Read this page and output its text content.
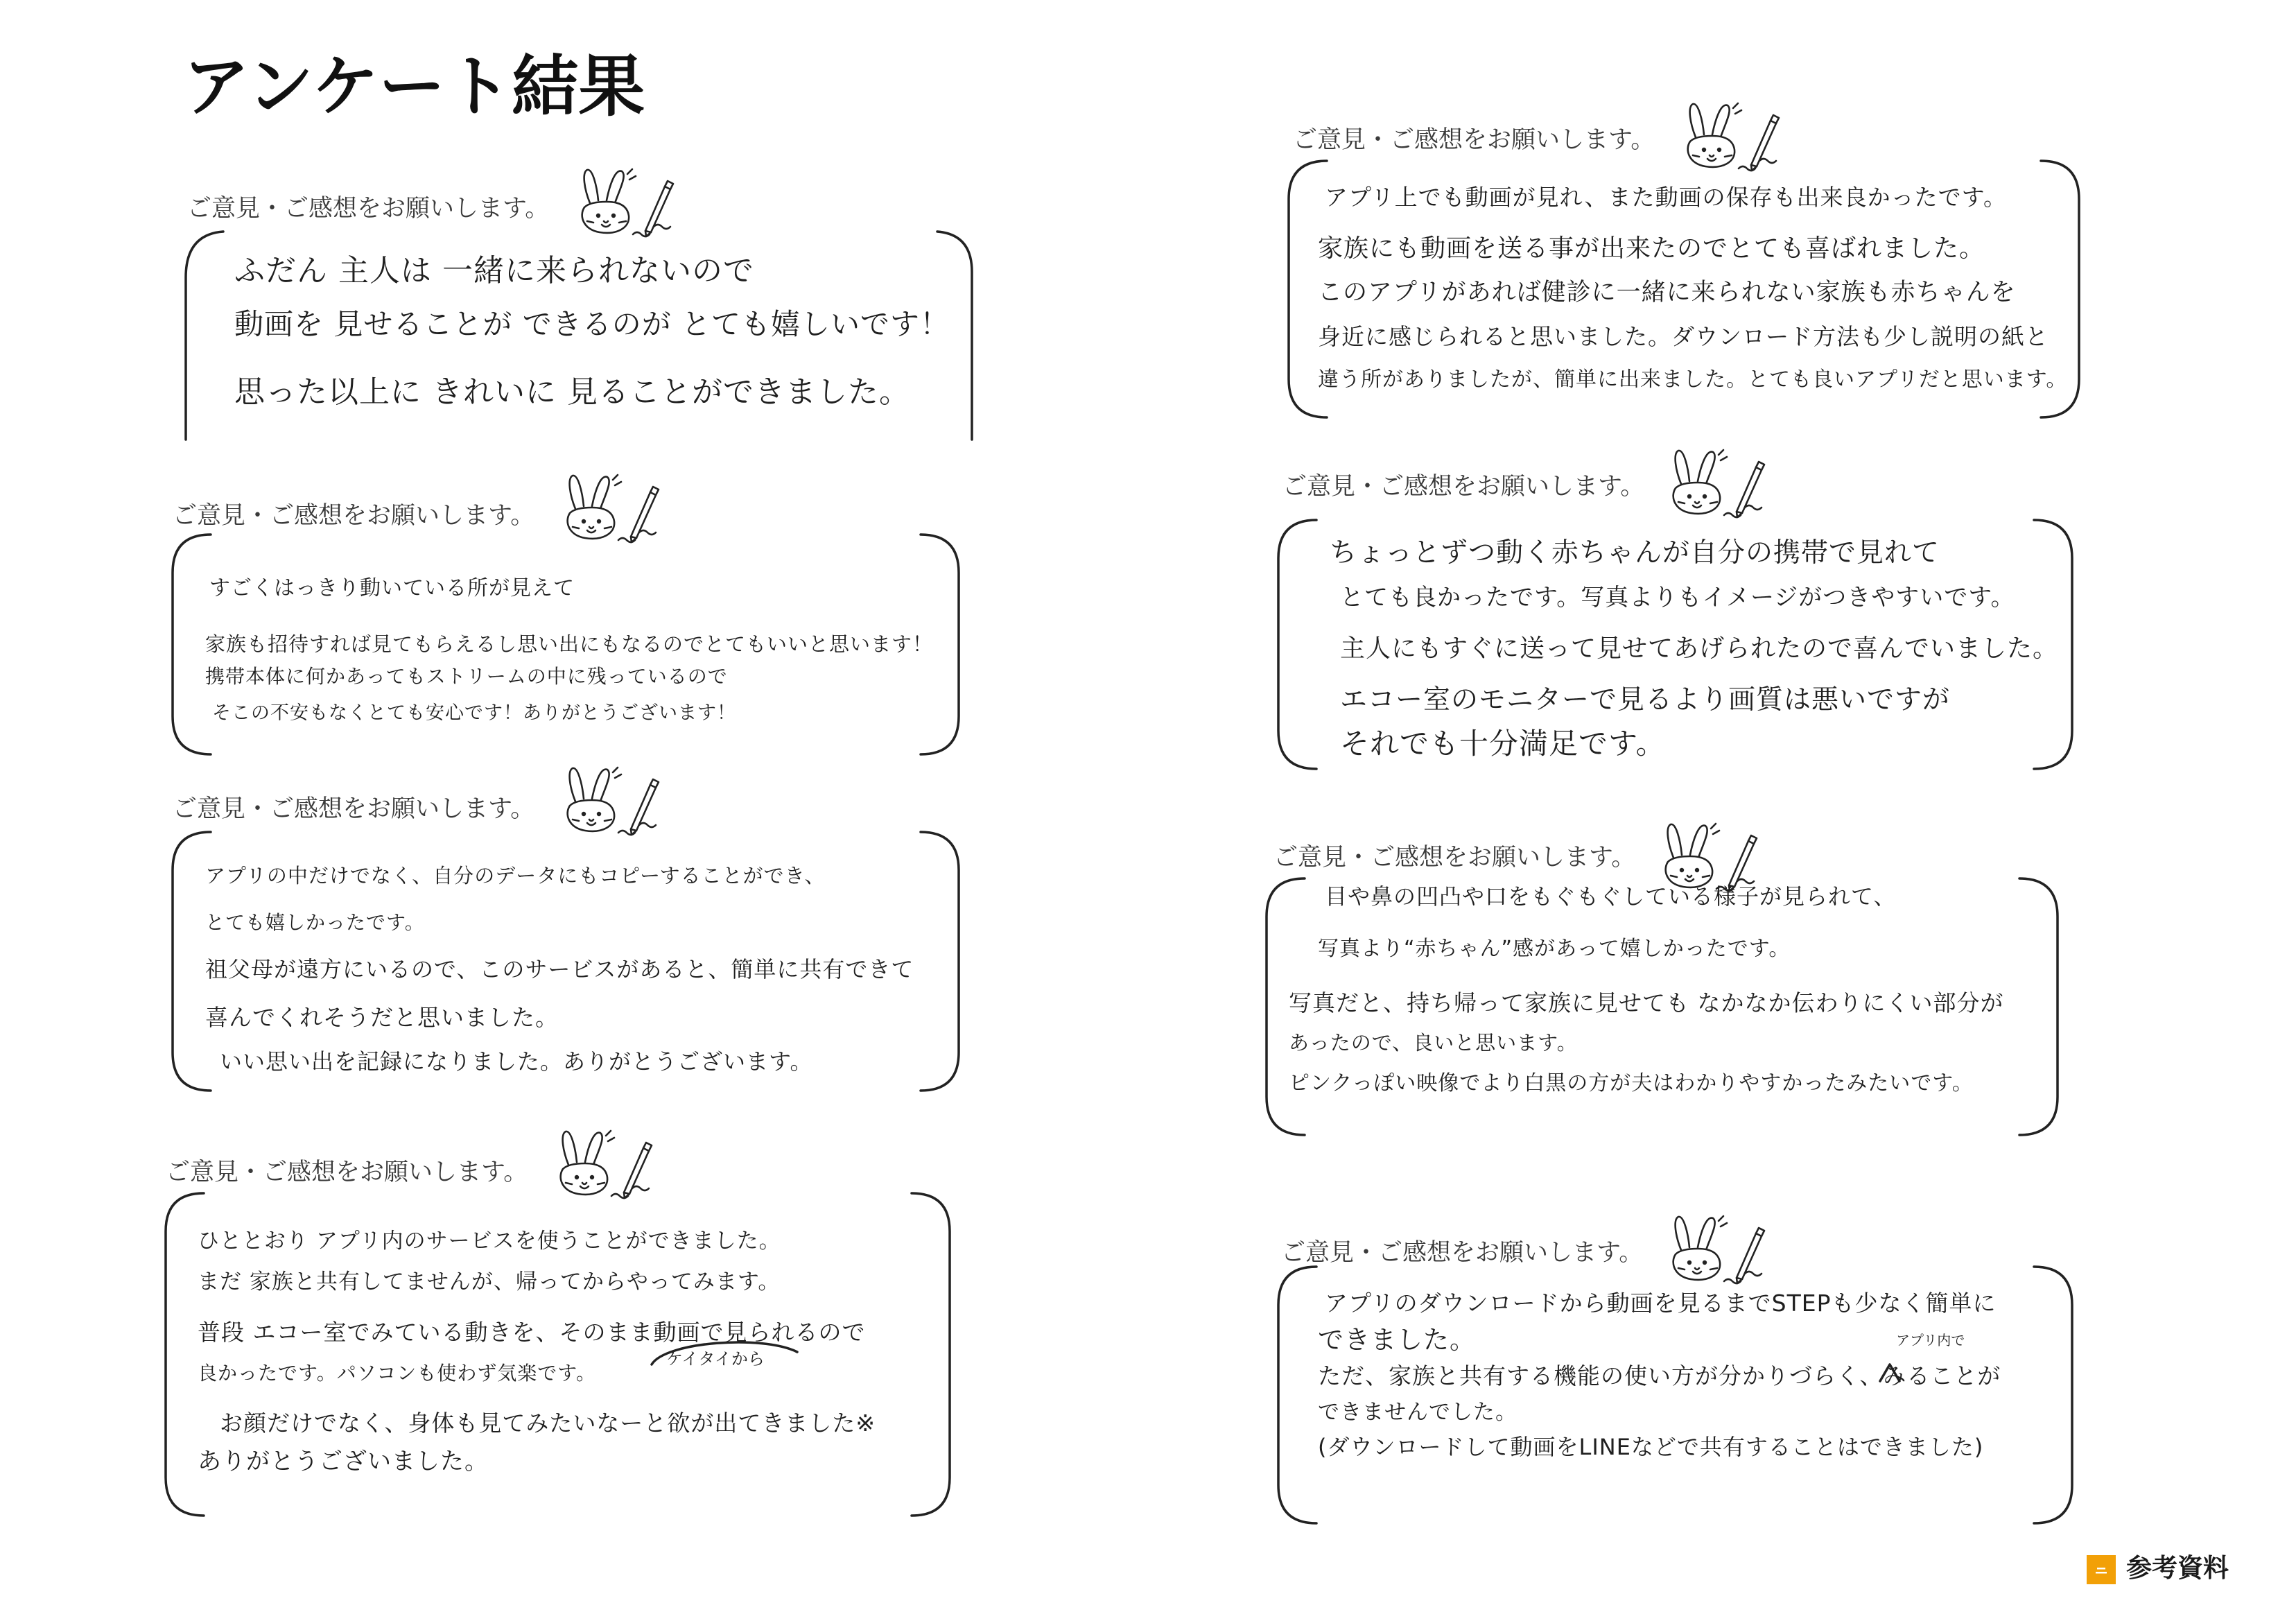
アンケート結果
ご意見・ご感想をお願いします。
ふだん 主人は 一緒に来られないので
動画を 見せることが できるのが とても嬉しいです！
思った以上に きれいに 見ることができました。
ご意見・ご感想をお願いします。
すごくはっきり動いている所が見えて
家族も招待すれば見てもらえるし思い出にもなるのでとてもいいと思います！
携帯本体に何かあってもストリームの中に残っているので
そこの不安もなくとても安心です！ありがとうございます！
ご意見・ご感想をお願いします。
アプリの中だけでなく、自分のデータにもコピーすることができ、
とても嬉しかったです。
祖父母が遠方にいるので、このサービスがあると、簡単に共有できて
喜んでくれそうだと思いました。
いい思い出を記録になりました。ありがとうございます。
ご意見・ご感想をお願いします。
ひととおり アプリ内のサービスを使うことができました。
まだ 家族と共有してませんが、帰ってからやってみます。
普段 エコー室でみている動きを、そのまま動画で見られるので
良かったです。パソコンも使わず気楽です。
ケイタイから
お顔だけでなく、身体も見てみたいなーと欲が出てきました※
ありがとうございました。
ご意見・ご感想をお願いします。
アプリ上でも動画が見れ、また動画の保存も出来良かったです。
家族にも動画を送る事が出来たのでとても喜ばれました。
このアプリがあれば健診に一緒に来られない家族も赤ちゃんを
身近に感じられると思いました。ダウンロード方法も少し説明の紙と
違う所がありましたが、簡単に出来ました。とても良いアプリだと思います。
ご意見・ご感想をお願いします。
ちょっとずつ動く赤ちゃんが自分の携帯で見れて
とても良かったです。写真よりもイメージがつきやすいです。
主人にもすぐに送って見せてあげられたので喜んでいました。
エコー室のモニターで見るより画質は悪いですが
それでも十分満足です。
ご意見・ご感想をお願いします。
目や鼻の凹凸や口をもぐもぐしている様子が見られて、
写真より“赤ちゃん”感があって嬉しかったです。
写真だと、持ち帰って家族に見せても なかなか伝わりにくい部分が
あったので、良いと思います。
ピンクっぽい映像でより白黒の方が夫はわかりやすかったみたいです。
ご意見・ご感想をお願いします。
アプリのダウンロードから動画を見るまでSTEPも少なく簡単に
できました。	アプリ内で
ただ、家族と共有する機能の使い方が分かりづらく、みることが
できませんでした。
(ダウンロードして動画をLINEなどで共有することはできました)
参考資料
